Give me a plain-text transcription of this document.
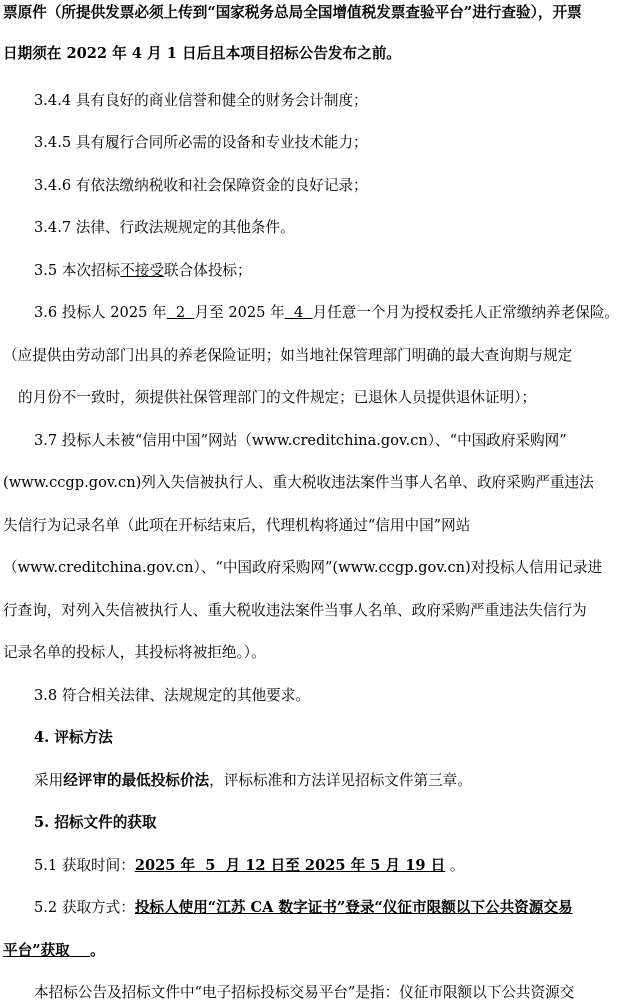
票原件（所提供发票必须上传到“国家税务总局全国增值税发票查验平台”进行查验），开票
日期须在 2022 年 4 月 1 日后且本项目招标公告发布之前。
3.4.4 具有良好的商业信誉和健全的财务会计制度；
3.4.5 具有履行合同所必需的设备和专业技术能力；
3.4.6 有依法缴纳税收和社会保障资金的良好记录；
3.4.7 法律、行政法规规定的其他条件。
3.5 本次招标不接受联合体投标；
3.6 投标人 2025 年  2  月至 2025 年  4  月任意一个月为授权委托人正常缴纳养老保险。
（应提供由劳动部门出具的养老保险证明；如当地社保管理部门明确的最大查询期与规定
的月份不一致时，须提供社保管理部门的文件规定；已退休人员提供退休证明）；
3.7 投标人未被“信用中国”网站（www.creditchina.gov.cn）、“中国政府采购网”
(www.ccgp.gov.cn)列入失信被执行人、重大税收违法案件当事人名单、政府采购严重违法
失信行为记录名单（此项在开标结束后，代理机构将通过“信用中国”网站
（www.creditchina.gov.cn）、“中国政府采购网”(www.ccgp.gov.cn)对投标人信用记录进
行查询，对列入失信被执行人、重大税收违法案件当事人名单、政府采购严重违法失信行为
记录名单的投标人，其投标将被拒绝。）。
3.8 符合相关法律、法规规定的其他要求。
4. 评标方法
采用经评审的最低投标价法，评标标准和方法详见招标文件第三章。
5. 招标文件的获取
5.1 获取时间：2025 年  5  月 12 日至 2025 年 5 月 19 日 。
5.2 获取方式：投标人使用“江苏 CA 数字证书”登录“仪征市限额以下公共资源交易
平台”获取 。
本招标公告及招标文件中“电子招标投标交易平台”是指：仪征市限额以下公共资源交
